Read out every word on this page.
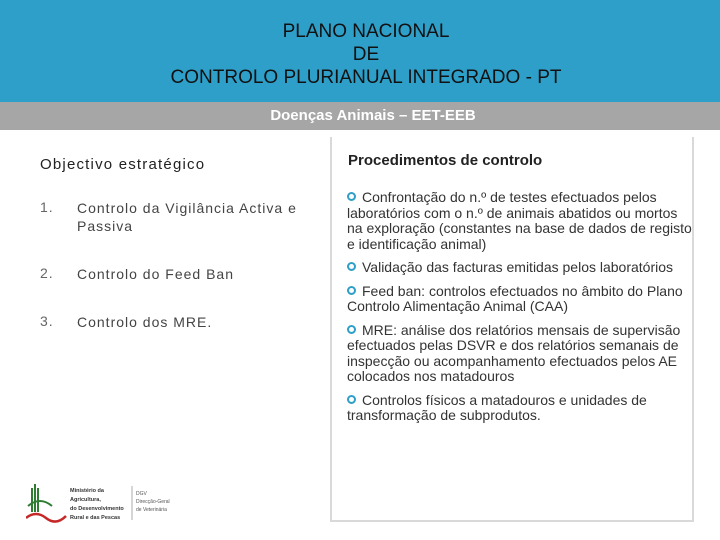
PLANO NACIONAL
DE
CONTROLO PLURIANUAL INTEGRADO - PT
Doenças Animais – EET-EEB
Objectivo estratégico
1.	Controlo da Vigilância Activa e Passiva
2.	Controlo do Feed Ban
3.	Controlo dos MRE.
Procedimentos de controlo
Confrontação do n.º de testes efectuados pelos laboratórios com o n.º de animais abatidos ou mortos na exploração (constantes na base de dados de registo e identificação animal)
Validação das facturas emitidas pelos laboratórios
Feed ban: controlos efectuados no âmbito do Plano Controlo Alimentação Animal (CAA)
MRE: análise dos relatórios mensais de supervisão efectuados pelas DSVR e dos relatórios semanais de inspecção ou acompanhamento efectuados pelos AE colocados nos matadouros
Controlos físicos a matadouros e unidades de transformação de subprodutos.
Ministério da
Agricultura,
do Desenvolvimento
Rural e das Pescas
DGV
Direcção-Geral
de Veterinária
